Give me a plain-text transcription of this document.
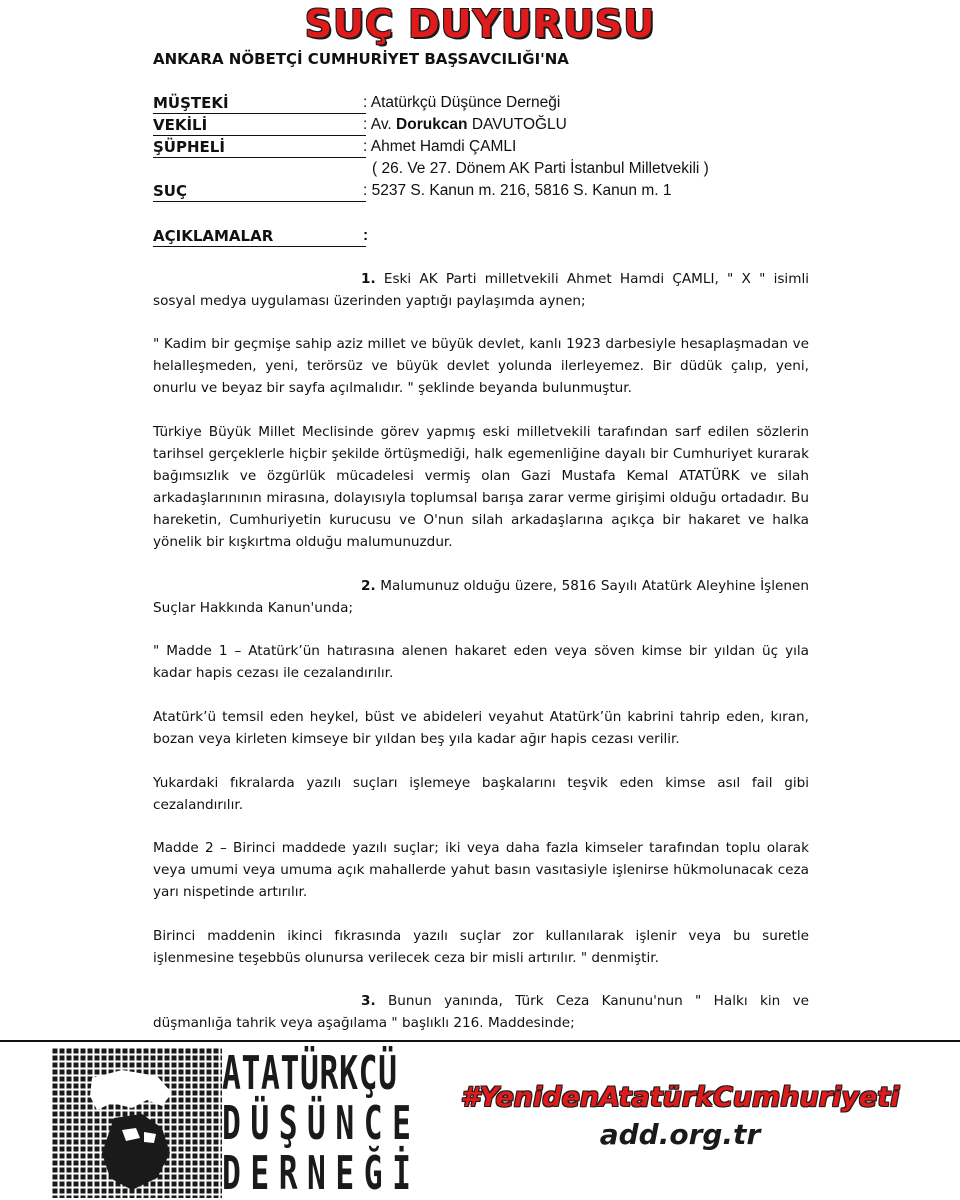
SUÇ DUYURUSU
ANKARA NÖBETÇİ CUMHURİYET BAŞSAVCILIĞI'NA
MÜŞTEKİ	: Atatürkçü Düşünce Derneği
VEKİLİ	: Av. Dorukcan DAVUTOĞLU
ŞÜPHELİ	: Ahmet Hamdi ÇAMLI
( 26. Ve 27. Dönem AK Parti İstanbul Milletvekili )
SUÇ	: 5237 S. Kanun m. 216, 5816 S. Kanun m. 1
AÇIKLAMALAR	:
1. Eski AK Parti milletvekili Ahmet Hamdi ÇAMLI, " X " isimli sosyal medya uygulaması üzerinden yaptığı paylaşımda aynen;
" Kadim bir geçmişe sahip aziz millet ve büyük devlet, kanlı 1923 darbesiyle hesaplaşmadan ve helalleşmeden, yeni, terörsüz ve büyük devlet yolunda ilerleyemez. Bir düdük çalıp, yeni, onurlu ve beyaz bir sayfa açılmalıdır. " şeklinde beyanda bulunmuştur.
Türkiye Büyük Millet Meclisinde görev yapmış eski milletvekili tarafından sarf edilen sözlerin tarihsel gerçeklerle hiçbir şekilde örtüşmediği, halk egemenliğine dayalı bir Cumhuriyet kurarak bağımsızlık ve özgürlük mücadelesi vermiş olan Gazi Mustafa Kemal ATATÜRK ve silah arkadaşlarınının mirasına, dolayısıyla toplumsal barışa zarar verme girişimi olduğu ortadadır. Bu hareketin, Cumhuriyetin kurucusu ve O'nun silah arkadaşlarına açıkça bir hakaret ve halka yönelik bir kışkırtma olduğu malumunuzdur.
2. Malumunuz olduğu üzere, 5816 Sayılı Atatürk Aleyhine İşlenen Suçlar Hakkında Kanun'unda;
" Madde 1 – Atatürk’ün hatırasına alenen hakaret eden veya söven kimse bir yıldan üç yıla kadar hapis cezası ile cezalandırılır.
Atatürk’ü temsil eden heykel, büst ve abideleri veyahut Atatürk’ün kabrini tahrip eden, kıran, bozan veya kirleten kimseye bir yıldan beş yıla kadar ağır hapis cezası verilir.
Yukardaki fıkralarda yazılı suçları işlemeye başkalarını teşvik eden kimse asıl fail gibi cezalandırılır.
Madde 2 – Birinci maddede yazılı suçlar; iki veya daha fazla kimseler tarafından toplu olarak veya umumi veya umuma açık mahallerde yahut basın vasıtasiyle işlenirse hükmolunacak ceza yarı nispetinde artırılır.
Birinci maddenin ikinci fıkrasında yazılı suçlar zor kullanılarak işlenir veya bu suretle işlenmesine teşebbüs olunursa verilecek ceza bir misli artırılır. " denmiştir.
3. Bunun yanında, Türk Ceza Kanunu'nun " Halkı kin ve düşmanlığa tahrik veya aşağılama " başlıklı 216. Maddesinde;
ATATÜRKÇÜ
DÜŞÜNCE
DERNEĞİ
#YenidenAtatürkCumhuriyeti
add.org.tr
